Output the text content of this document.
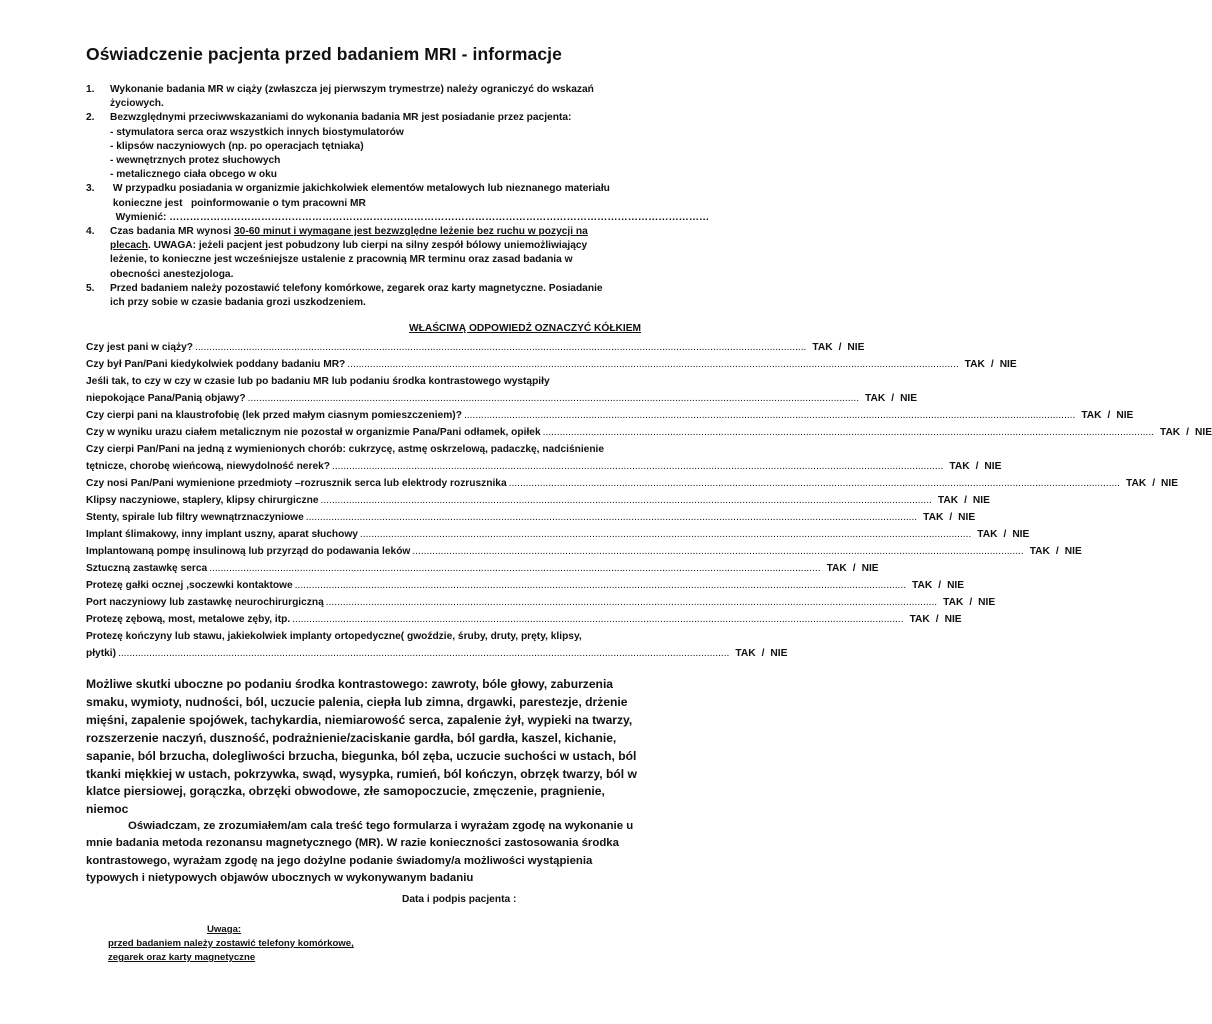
Oświadczenie pacjenta przed badaniem MRI - informacje
1. Wykonanie badania MR w ciąży (zwłaszcza jej pierwszym trymestrze) należy ograniczyć do wskazań
życiowych.
2. Bezwzględnymi przeciwwskazaniami do wykonania badania MR jest posiadanie przez pacjenta:
- stymulatora serca oraz wszystkich innych biostymulatorów
- klipsów naczyniowych (np. po operacjach tętniaka)
- wewnętrznych protez słuchowych
- metalicznego ciała obcego w oku
3. W przypadku posiadania w organizmie jakichkolwiek elementów metalowych lub nieznanego materiału
konieczne jest   poinformowanie o tym pracowni MR
Wymienić: ……………………………………………………………………………………………………………………………………………
4. Czas badania MR wynosi 30-60 minut i wymagane jest bezwzględne leżenie bez ruchu w pozycji na
plecach. UWAGA: jeżeli pacjent jest pobudzony lub cierpi na silny zespół bólowy uniemożliwiający
leżenie, to konieczne jest wcześniejsze ustalenie z pracownią MR terminu oraz zasad badania w
obecności anestezjologa.
5. Przed badaniem należy pozostawić telefony komórkowe, zegarek oraz karty magnetyczne. Posiadanie
ich przy sobie w czasie badania grozi uszkodzeniem.
WŁAŚCIWĄ ODPOWIEDŹ OZNACZYĆ KÓŁKIEM
Czy jest pani w ciąży? .....	TAK / NIE
Czy był Pan/Pani kiedykolwiek poddany badaniu MR? .....	TAK / NIE
Jeśli tak, to czy w czy w czasie lub po badaniu MR lub podaniu środka kontrastowego wystąpiły
niepokojące Pana/Panią objawy? .....	TAK / NIE
Czy cierpi pani na klaustrofobię (lek przed małym ciasnym pomieszczeniem)? .....	TAK / NIE
Czy w wyniku urazu ciałem metalicznym nie pozostał w organizmie Pana/Pani odłamek, opiłek .....	TAK / NIE
Czy cierpi Pan/Pani na jedną z wymienionych chorób: cukrzycę, astmę oskrzelową, padaczkę, nadciśnienie
tętnicze, chorobę wieńcową, niewydolność nerek? .....	TAK / NIE
Czy nosi Pan/Pani wymienione przedmioty –rozrusznik serca lub elektrody rozrusznika .....	TAK / NIE
Klipsy naczyniowe, staplery, klipsy chirurgiczne .....	TAK / NIE
Stenty, spirale lub filtry wewnątrznaczyniowe .....	TAK / NIE
Implant ślimakowy, inny implant uszny, aparat słuchowy .....	TAK / NIE
Implantowaną pompę insulinową lub przyrząd do podawania leków .....	TAK / NIE
Sztuczną zastawkę serca .....	TAK / NIE
Protezę gałki ocznej ,soczewki kontaktowe .....	TAK / NIE
Port naczyniowy lub zastawkę neurochirurgiczną .....	TAK / NIE
Protezę zębową, most, metalowe zęby, itp. .....	TAK / NIE
Protezę kończyny lub stawu, jakiekolwiek implanty ortopedyczne( gwoździe, śruby, druty, pręty, klipsy,
płytki) .....	TAK / NIE
Możliwe skutki uboczne po podaniu środka kontrastowego: zawroty, bóle głowy, zaburzenia smaku, wymioty, nudności, ból, uczucie palenia, ciepła lub zimna, drgawki, parestezje, drżenie mięśni, zapalenie spojówek, tachykardia, niemiarowość serca, zapalenie żył, wypieki na twarzy, rozszerzenie naczyń, duszność, podrażnienie/zaciskanie gardła, ból gardła, kaszel, kichanie, sapanie, ból brzucha, dolegliwości brzucha, biegunka, ból zęba, uczucie suchości w ustach, ból tkanki miękkiej w ustach, pokrzywka, swąd, wysypka, rumień, ból kończyn, obrzęk twarzy, ból w klatce piersiowej, gorączka, obrzęki obwodowe, złe samopoczucie, zmęczenie, pragnienie, niemoc
Oświadczam, ze zrozumiałem/am cala treść tego formularza i wyrażam zgodę na wykonanie u mnie badania metoda rezonansu magnetycznego (MR). W razie konieczności zastosowania środka kontrastowego, wyrażam zgodę na jego dożylne podanie świadomy/a możliwości wystąpienia typowych i nietypowych objawów ubocznych w wykonywanym badaniu
Data i podpis pacjenta :
Uwaga:
przed badaniem należy zostawić telefony komórkowe,
zegarek oraz karty magnetyczne
